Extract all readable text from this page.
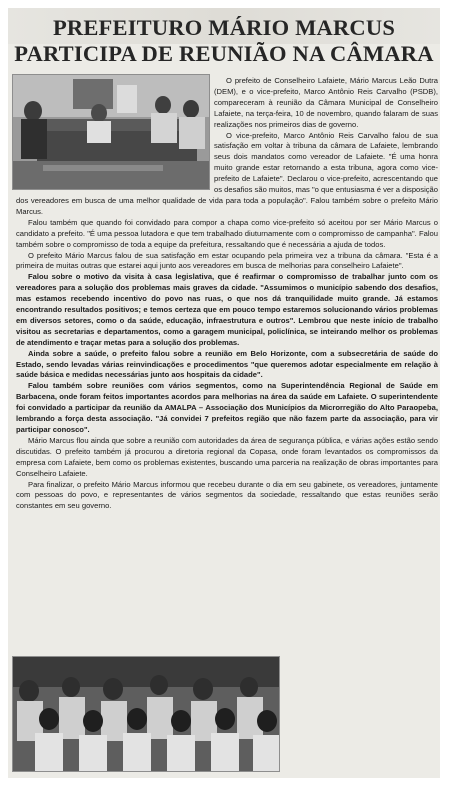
PREFEITURO MÁRIO MARCUS
PARTICIPA DE REUNIÃO NA CÂMARA

O prefeito de Conselheiro Lafaiete, Mário Marcus Leão Dutra (DEM), e o vice-prefeito, Marco Antônio Reis Carvalho (PSDB), compareceram à reunião da Câmara Municipal de Conselheiro Lafaiete, na terça-feira, 10 de novembro, quando falaram de suas realizações nos primeiros dias de governo.

O vice-prefeito, Marco Antônio Reis Carvalho falou de sua satisfação em voltar à tribuna da câmara de Lafaiete, lembrando seus dois mandatos como vereador de Lafaiete. "É uma honra muito grande estar retornando a esta tribuna, agora como vice-prefeito de Lafaiete". Declarou o vice-prefeito, acrescentando que os desafios são muitos, mas "o que entusiasma é ver a disposição dos vereadores em busca de uma melhor qualidade de vida para toda a população". Falou também sobre o prefeito Mário Marcus.

Falou também que quando foi convidado para compor a chapa como vice-prefeito só aceitou por ser Mário Marcus o candidato a prefeito. "É uma pessoa lutadora e que tem trabalhado diuturnamente com o compromisso de campanha". Falou também sobre o compromisso de toda a equipe da prefeitura, ressaltando que é necessária a ajuda de todos.

O prefeito Mário Marcus falou de sua satisfação em estar ocupando pela primeira vez a tribuna da câmara. "Esta é a primeira de muitas outras que estarei aqui junto aos vereadores em busca de melhorias para conselheiro Lafaiete".

Falou sobre o motivo da visita à casa legislativa, que é reafirmar o compromisso de trabalhar junto com os vereadores para a solução dos problemas mais graves da cidade. "Assumimos o município sabendo dos desafios, mas estamos recebendo incentivo do povo nas ruas, o que nos dá tranquilidade muito grande. Já estamos encontrando resultados positivos; e temos certeza que em pouco tempo estaremos solucionando vários problemas em diversos setores, como o da saúde, educação, infraestrutura e outros". Lembrou que neste início de trabalho visitou as secretarias e departamentos, como a garagem municipal, policlínica, se inteirando melhor os problemas de atendimento e traçar metas para a solução dos problemas.

Ainda sobre a saúde, o prefeito falou sobre a reunião em Belo Horizonte, com a subsecretária de saúde do Estado, sendo levadas várias reinvindicações e procedimentos "que queremos adotar especialmente em relação à saúde básica e medidas necessárias junto aos hospitais da cidade".

Falou também sobre reuniões com vários segmentos, como na Superintendência Regional de Saúde em Barbacena, onde foram feitos importantes acordos para melhorias na área da saúde em Lafaiete. O superintendente foi convidado a participar da reunião da AMALPA – Associação dos Municípios da Microrregião do Alto Paraopeba, lembrando a força desta associação. "Já convidei 7 prefeitos região que não fazem parte da associação, para vir participar conosco".

Mário Marcus flou ainda que sobre a reunião com autoridades da área de segurança pública, e várias ações estão sendo discutidas. O prefeito também já procurou a diretoria regional da Copasa, onde foram levantados os compromissos da empresa com Lafaiete, bem como os problemas existentes, buscando uma parceria na realização de obras importantes para Conselheiro Lafaiete.

Para finalizar, o prefeito Mário Marcus informou que recebeu durante o dia em seu gabinete, os vereadores, juntamente com pessoas do povo, e representantes de vários segmentos da sociedade, ressaltando que estas reuniões serão constantes em seu governo.
